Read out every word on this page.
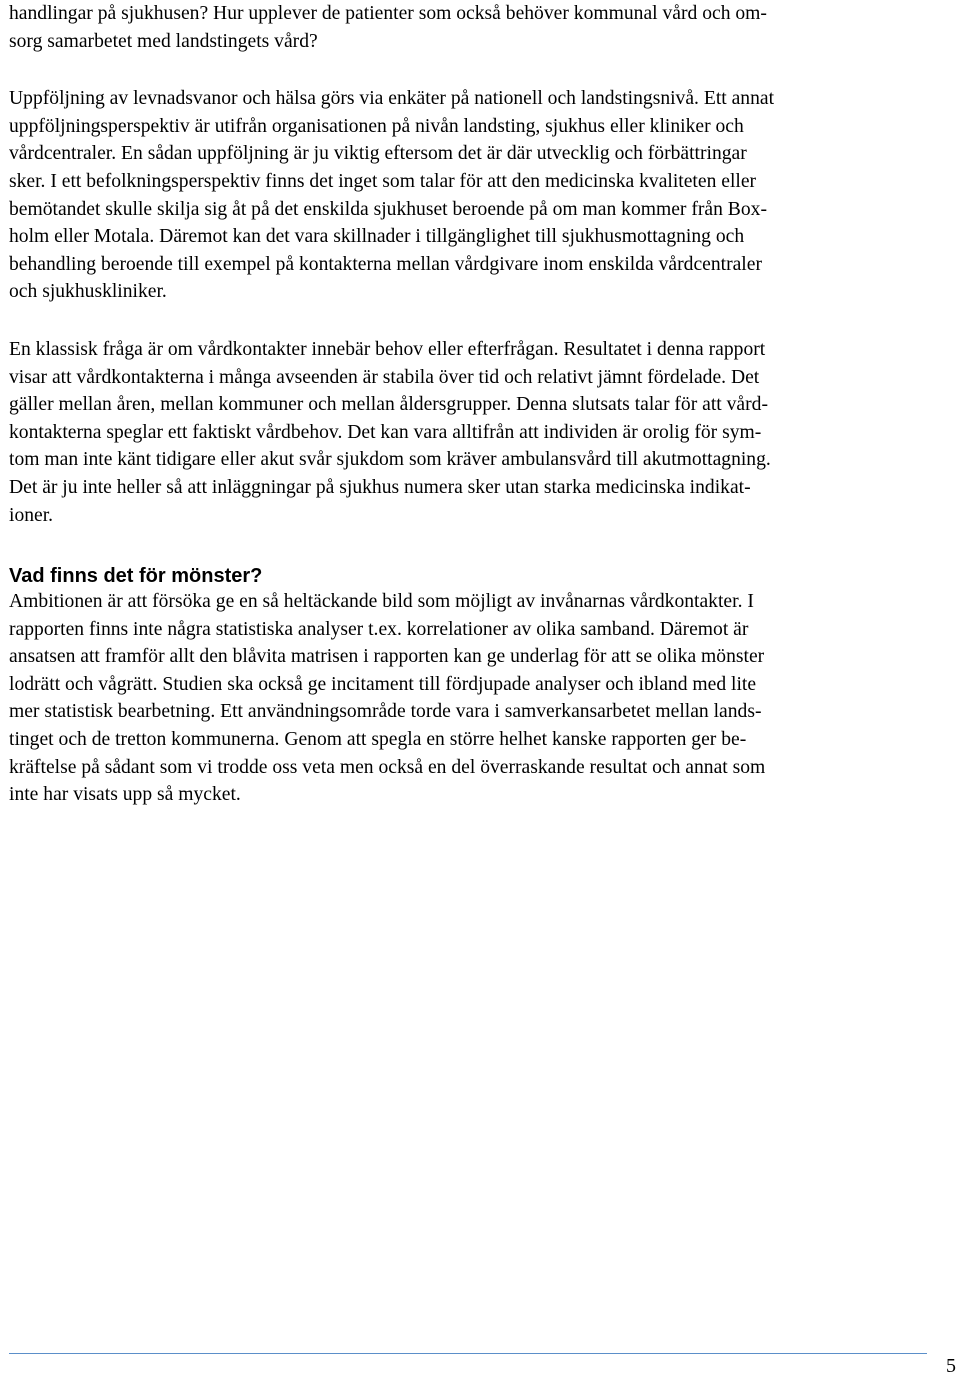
handlingar på sjukhusen? Hur upplever de patienter som också behöver kommunal vård och om-
sorg samarbetet med landstingets vård?

Uppföljning av levnadsvanor och hälsa görs via enkäter på nationell och landstingsnivå. Ett annat
uppföljningsperspektiv är utifrån organisationen på nivån landsting, sjukhus eller kliniker och
vårdcentraler. En sådan uppföljning är ju viktig eftersom det är där utvecklig och förbättringar
sker. I ett befolkningsperspektiv finns det inget som talar för att den medicinska kvaliteten eller
bemötandet skulle skilja sig åt på det enskilda sjukhuset beroende på om man kommer från Box-
holm eller Motala. Däremot kan det vara skillnader i tillgänglighet till sjukhusmottagning och
behandling beroende till exempel på kontakterna mellan vårdgivare inom enskilda vårdcentraler
och sjukhuskliniker.

En klassisk fråga är om vårdkontakter innebär behov eller efterfrågan. Resultatet i denna rapport
visar att vårdkontakterna i många avseenden är stabila över tid och relativt jämnt fördelade. Det
gäller mellan åren, mellan kommuner och mellan åldersgrupper. Denna slutsats talar för att vård-
kontakterna speglar ett faktiskt vårdbehov. Det kan vara alltifrån att individen är orolig för sym-
tom man inte känt tidigare eller akut svår sjukdom som kräver ambulansvård till akutmottagning.
Det är ju inte heller så att inläggningar på sjukhus numera sker utan starka medicinska indikat-
ioner.

Vad finns det för mönster?

Ambitionen är att försöka ge en så heltäckande bild som möjligt av invånarnas vårdkontakter. I
rapporten finns inte några statistiska analyser t.ex. korrelationer av olika samband. Däremot är
ansatsen att framför allt den blåvita matrisen i rapporten kan ge underlag för att se olika mönster
lodrätt och vågrätt. Studien ska också ge incitament till fördjupade analyser och ibland med lite
mer statistisk bearbetning. Ett användningsområde torde vara i samverkansarbetet mellan lands-
tinget och de tretton kommunerna. Genom att spegla en större helhet kanske rapporten ger be-
kräftelse på sådant som vi trodde oss veta men också en del överraskande resultat och annat som
inte har visats upp så mycket.

5
